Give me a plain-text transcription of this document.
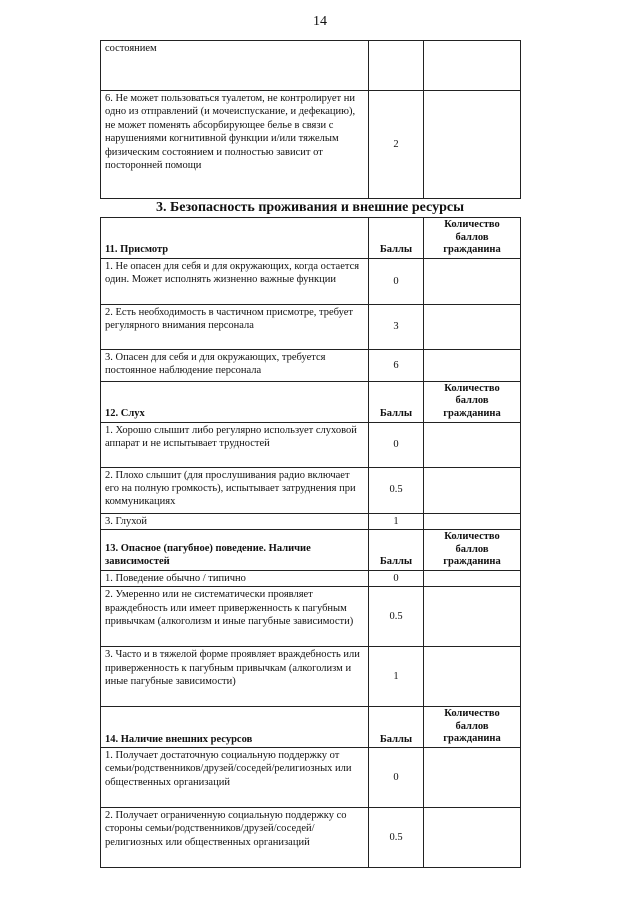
14
состоянием		
6. Не может пользоваться туалетом, не контролирует ни одно из отправлений (и мочеиспускание, и дефекацию), не может поменять абсорбирующее белье в связи с нарушениями когнитивной функции и/или тяжелым физическим состоянием и полностью зависит от посторонней помощи	2	
3. Безопасность проживания и внешние ресурсы
11. Присмотр	Баллы	Количество баллов гражданина
1. Не опасен для себя и для окружающих, когда остается один. Может исполнять жизненно важные функции	0	
2. Есть необходимость в частичном присмотре, требует регулярного внимания персонала	3	
3. Опасен для себя и для окружающих, требуется постоянное наблюдение персонала	6	
12. Слух	Баллы	Количество баллов гражданина
1. Хорошо слышит либо регулярно использует слуховой аппарат и не испытывает трудностей	0	
2. Плохо слышит (для прослушивания радио включает его на полную громкость), испытывает затруднения при коммуникациях	0.5	
3. Глухой	1	
13. Опасное (пагубное) поведение. Наличие зависимостей	Баллы	Количество баллов гражданина
1. Поведение обычно / типично	0	
2. Умеренно или не систематически проявляет враждебность или имеет приверженность к пагубным привычкам (алкоголизм и иные пагубные зависимости)	0.5	
3. Часто и в тяжелой форме проявляет враждебность или приверженность к пагубным привычкам (алкоголизм и иные пагубные зависимости)	1	
14. Наличие внешних ресурсов	Баллы	Количество баллов гражданина
1. Получает достаточную социальную поддержку от семьи/родственников/друзей/соседей/религиозных или общественных организаций	0	
2. Получает ограниченную социальную поддержку со стороны семьи/родственников/друзей/соседей/религиозных или общественных организаций	0.5	
